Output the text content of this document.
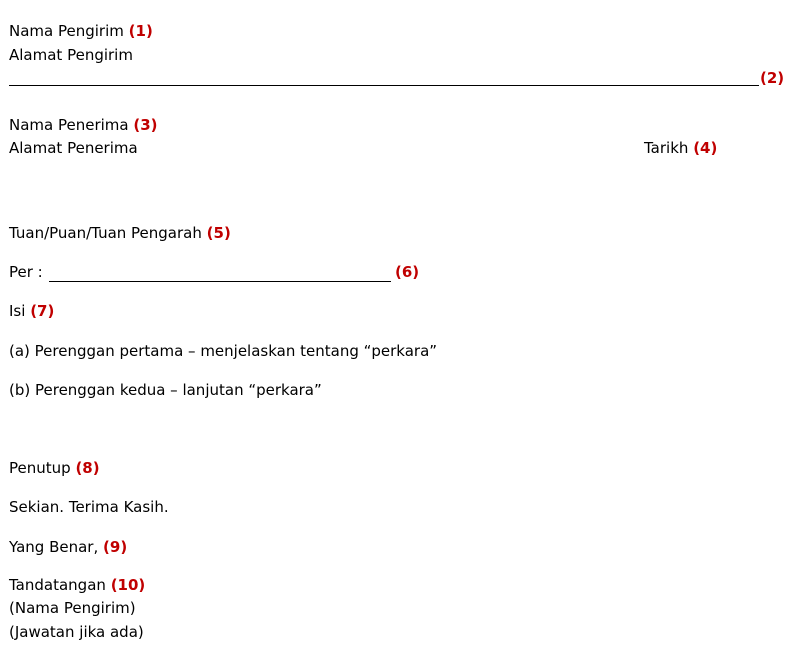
Nama Pengirim (1)
Alamat Pengirim
(2)
Nama Penerima (3)
Alamat Penerima	Tarikh (4)
Tuan/Puan/Tuan Pengarah (5)
Per :	(6)
Isi (7)
(a) Perenggan pertama – menjelaskan tentang “perkara”
(b) Perenggan kedua – lanjutan “perkara”
Penutup (8)
Sekian. Terima Kasih.
Yang Benar, (9)
Tandatangan (10)
(Nama Pengirim)
(Jawatan jika ada)
